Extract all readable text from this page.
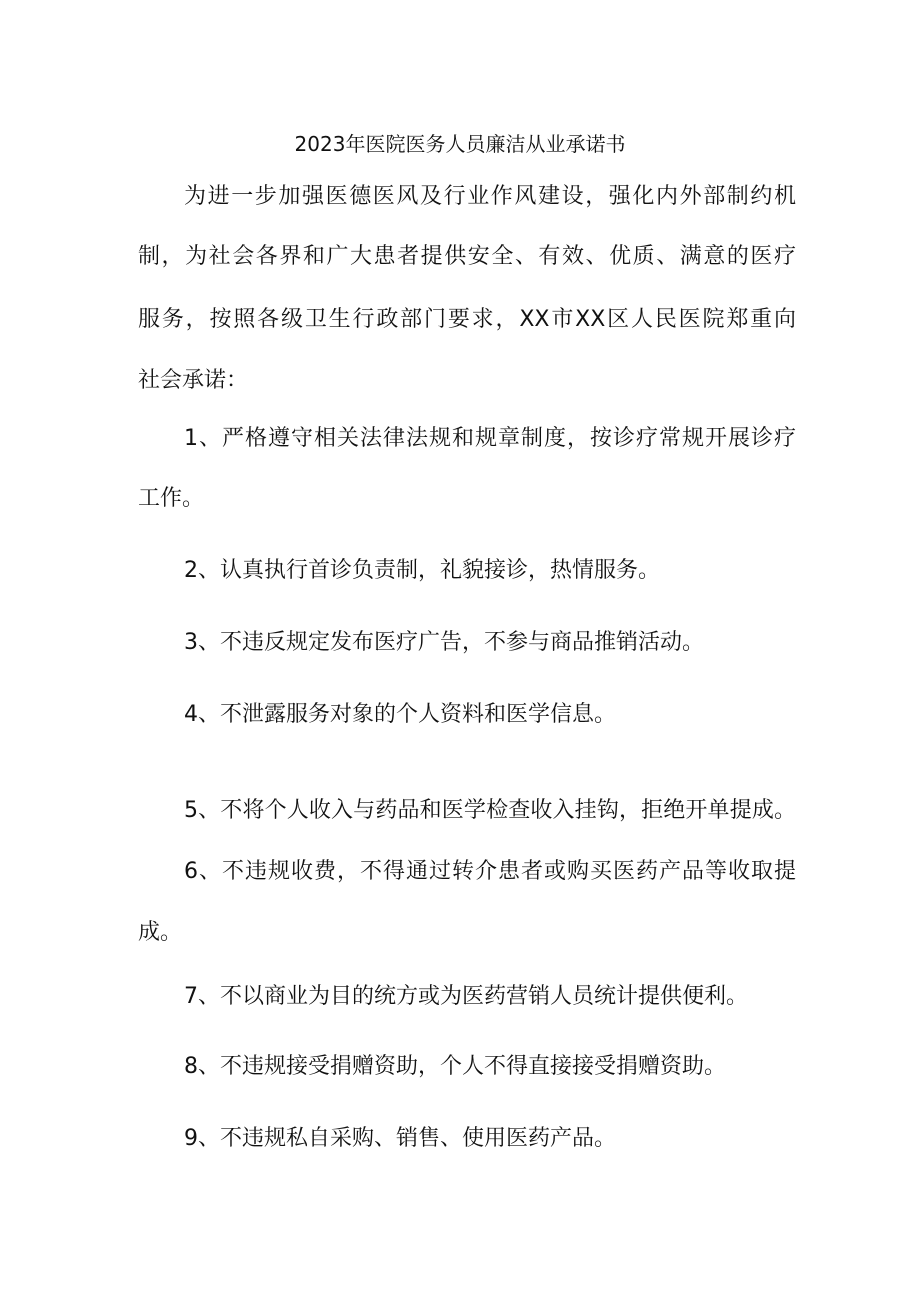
2023年医院医务人员廉洁从业承诺书
为进一步加强医德医风及行业作风建设，强化内外部制约机
制，为社会各界和广大患者提供安全、有效、优质、满意的医疗
服务，按照各级卫生行政部门要求，XX市XX区人民医院郑重向
社会承诺：
1、严格遵守相关法律法规和规章制度，按诊疗常规开展诊疗
工作。
2、认真执行首诊负责制，礼貌接诊，热情服务。
3、不违反规定发布医疗广告，不参与商品推销活动。
4、不泄露服务对象的个人资料和医学信息。
5、不将个人收入与药品和医学检查收入挂钩，拒绝开单提成。
6、不违规收费，不得通过转介患者或购买医药产品等收取提
成。
7、不以商业为目的统方或为医药营销人员统计提供便利。
8、不违规接受捐赠资助，个人不得直接接受捐赠资助。
9、不违规私自采购、销售、使用医药产品。
